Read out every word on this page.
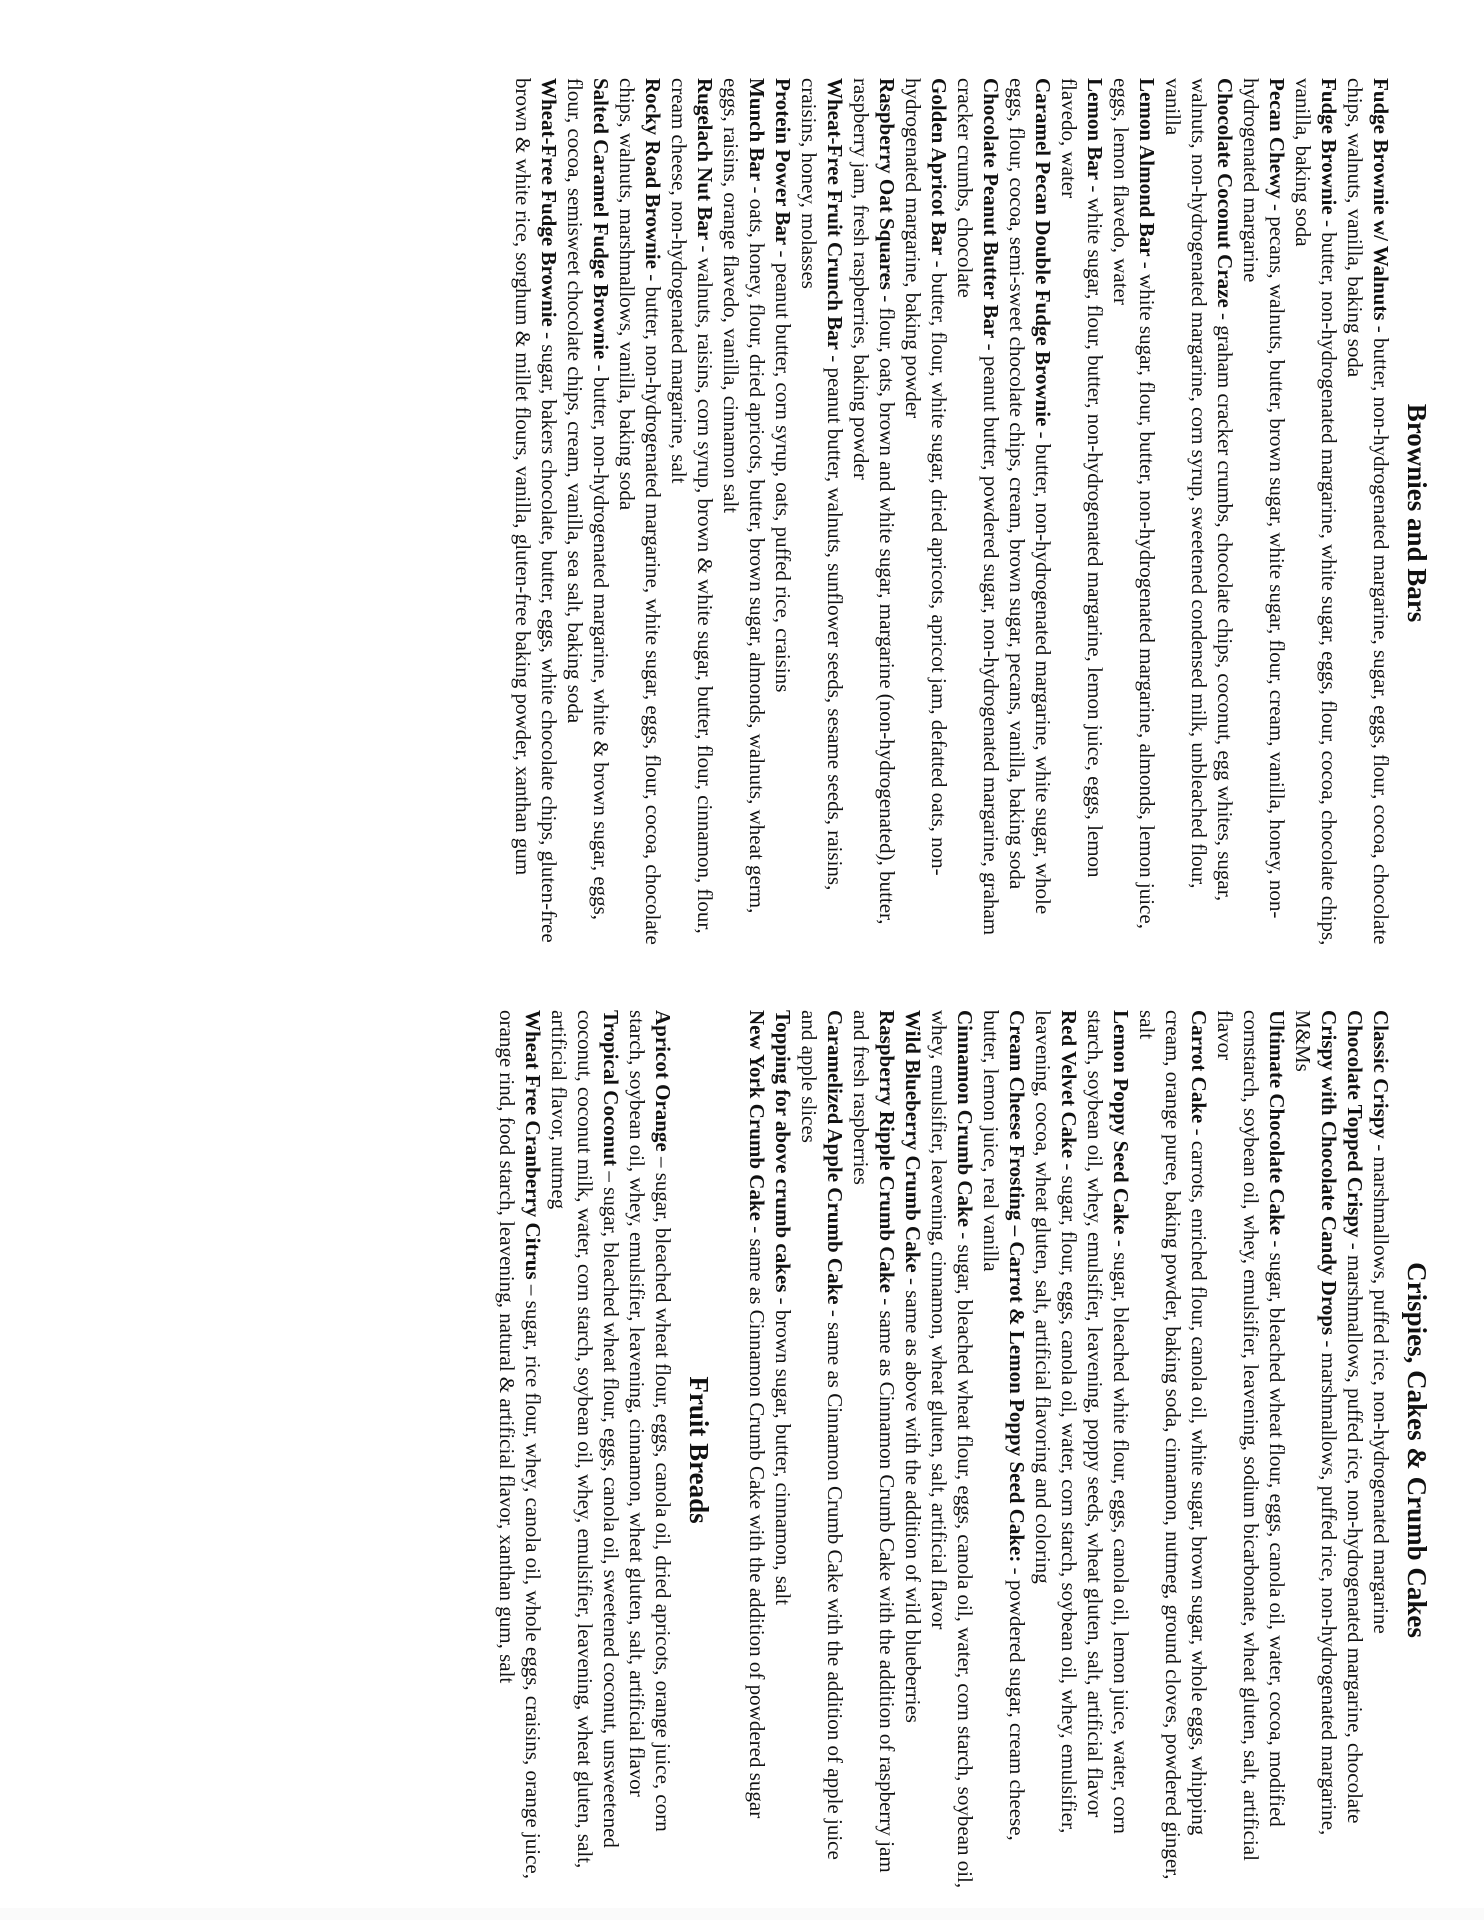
Brownies and Bars

Fudge Brownie w/ Walnuts - butter, non-hydrogenated margarine, sugar, eggs, flour, cocoa, chocolate chips, walnuts, vanilla, baking soda

Fudge Brownie - butter, non-hydrogenated margarine, white sugar, eggs, flour, cocoa, chocolate chips, vanilla, baking soda

Pecan Chewy - pecans, walnuts, butter, brown sugar, white sugar, flour, cream, vanilla, honey, non-hydrogenated margarine

Chocolate Coconut Craze - graham cracker crumbs, chocolate chips, coconut, egg whites, sugar, walnuts, non-hydrogenated margarine, corn syrup, sweetened condensed milk, unbleached flour, vanilla

Lemon Almond Bar - white sugar, flour, butter, non-hydrogenated margarine, almonds, lemon juice, eggs, lemon flavedo, water

Lemon Bar - white sugar, flour, butter, non-hydrogenated margarine, lemon juice, eggs, lemon flavedo, water

Caramel Pecan Double Fudge Brownie - butter, non-hydrogenated margarine, white sugar, whole eggs, flour, cocoa, semi-sweet chocolate chips, cream, brown sugar, pecans, vanilla, baking soda

Chocolate Peanut Butter Bar - peanut butter, powdered sugar, non-hydrogenated margarine, graham cracker crumbs, chocolate

Golden Apricot Bar - butter, flour, white sugar, dried apricots, apricot jam, defatted oats, non-hydrogenated margarine, baking powder

Raspberry Oat Squares - flour, oats, brown and white sugar, margarine (non-hydrogenated), butter, raspberry jam, fresh raspberries, baking powder

Wheat-Free Fruit Crunch Bar - peanut butter, walnuts, sunflower seeds, sesame seeds, raisins, craisins, honey, molasses

Protein Power Bar - peanut butter, corn syrup, oats, puffed rice, craisins

Munch Bar - oats, honey, flour, dried apricots, butter, brown sugar, almonds, walnuts, wheat germ, eggs, raisins, orange flavedo, vanilla, cinnamon salt

Rugelach Nut Bar - walnuts, raisins, corn syrup, brown & white sugar, butter, flour, cinnamon, flour, cream cheese, non-hydrogenated margarine, salt

Rocky Road Brownie - butter, non-hydrogenated margarine, white sugar, eggs, flour, cocoa, chocolate chips, walnuts, marshmallows, vanilla, baking soda

Salted Caramel Fudge Brownie - butter, non-hydrogenated margarine, white & brown sugar, eggs, flour, cocoa, semisweet chocolate chips, cream, vanilla, sea salt, baking soda

Wheat-Free Fudge Brownie - sugar, bakers chocolate, butter, eggs, white chocolate chips, gluten-free brown & white rice, sorghum & millet flours, vanilla, gluten-free baking powder, xanthan gum

Crispies, Cakes & Crumb Cakes

Classic Crispy - marshmallows, puffed rice, non-hydrogenated margarine

Chocolate Topped Crispy - marshmallows, puffed rice, non-hydrogenated margarine, chocolate

Crispy with Chocolate Candy Drops - marshmallows, puffed rice, non-hydrogenated margarine, M&Ms

Ultimate Chocolate Cake - sugar, bleached wheat flour, eggs, canola oil, water, cocoa, modified cornstarch, soybean oil, whey, emulsifier, leavening, sodium bicarbonate, wheat gluten, salt, artificial flavor

Carrot Cake - carrots, enriched flour, canola oil, white sugar, brown sugar, whole eggs, whipping cream, orange puree, baking powder, baking soda, cinnamon, nutmeg, ground cloves, powdered ginger, salt

Lemon Poppy Seed Cake - sugar, bleached white flour, eggs, canola oil, lemon juice, water, corn starch, soybean oil, whey, emulsifier, leavening, poppy seeds, wheat gluten, salt, artificial flavor

Red Velvet Cake - sugar, flour, eggs, canola oil, water, corn starch, soybean oil, whey, emulsifier, leavening, cocoa, wheat gluten, salt, artificial flavoring and coloring

Cream Cheese Frosting – Carrot & Lemon Poppy Seed Cake: - powdered sugar, cream cheese, butter, lemon juice, real vanilla

Cinnamon Crumb Cake - sugar, bleached wheat flour, eggs, canola oil, water, corn starch, soybean oil, whey, emulsifier, leavening, cinnamon, wheat gluten, salt, artificial flavor

Wild Blueberry Crumb Cake - same as above with the addition of wild blueberries

Raspberry Ripple Crumb Cake - same as Cinnamon Crumb Cake with the addition of raspberry jam and fresh raspberries

Caramelized Apple Crumb Cake - same as Cinnamon Crumb Cake with the addition of apple juice and apple slices

Topping for above crumb cakes - brown sugar, butter, cinnamon, salt

New York Crumb Cake - same as Cinnamon Crumb Cake with the addition of powdered sugar

Fruit Breads

Apricot Orange – sugar, bleached wheat flour, eggs, canola oil, dried apricots, orange juice, corn starch, soybean oil, whey, emulsifier, leavening, cinnamon, wheat gluten, salt, artificial flavor

Tropical Coconut – sugar, bleached wheat flour, eggs, canola oil, sweetened coconut, unsweetened coconut, coconut milk, water, corn starch, soybean oil, whey, emulsifier, leavening, wheat gluten, salt, artificial flavor, nutmeg

Wheat Free Cranberry Citrus – sugar, rice flour, whey, canola oil, whole eggs, craisins, orange juice, orange rind, food starch, leavening, natural & artificial flavor, xanthan gum, salt
